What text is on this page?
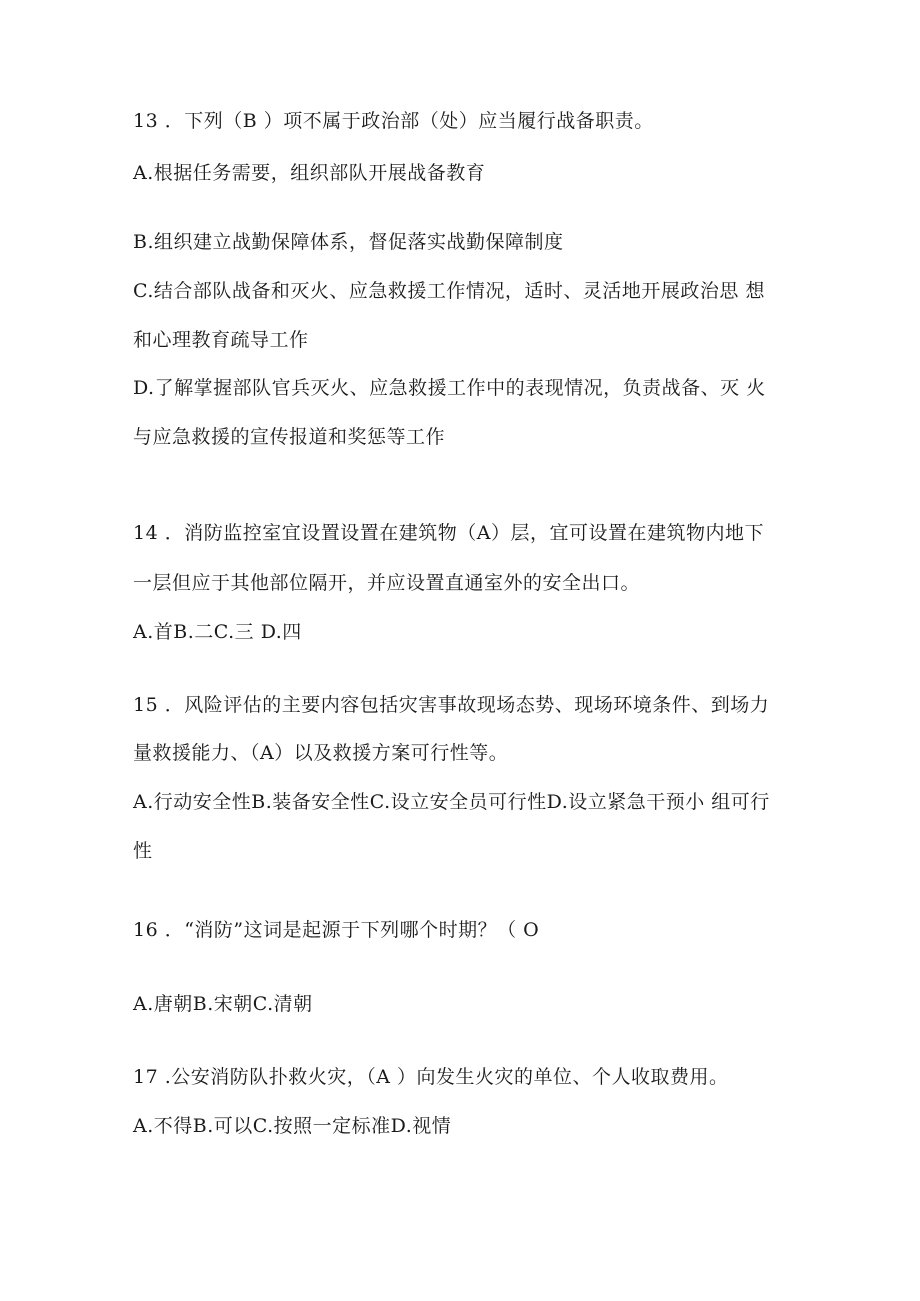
13 ．下列（B ）项不属于政治部（处）应当履行战备职责。
A.根据任务需要，组织部队开展战备教育
B.组织建立战勤保障体系，督促落实战勤保障制度
C.结合部队战备和灭火、应急救援工作情况，适时、灵活地开展政治思 想
和心理教育疏导工作
D.了解掌握部队官兵灭火、应急救援工作中的表现情况，负责战备、灭 火
与应急救援的宣传报道和奖惩等工作
14 ．消防监控室宜设置设置在建筑物（A）层，宜可设置在建筑物内地下
一层但应于其他部位隔开，并应设置直通室外的安全出口。
A.首B.二C.三 D.四
15 ．风险评估的主要内容包括灾害事故现场态势、现场环境条件、到场力
量救援能力、（A）以及救援方案可行性等。
A.行动安全性B.装备安全性C.设立安全员可行性D.设立紧急干预小 组可行
性
16 ．“消防”这词是起源于下列哪个时期？（ O
A.唐朝B.宋朝C.清朝
17 .公安消防队扑救火灾，（A ）向发生火灾的单位、个人收取费用。
A.不得B.可以C.按照一定标准D.视情
